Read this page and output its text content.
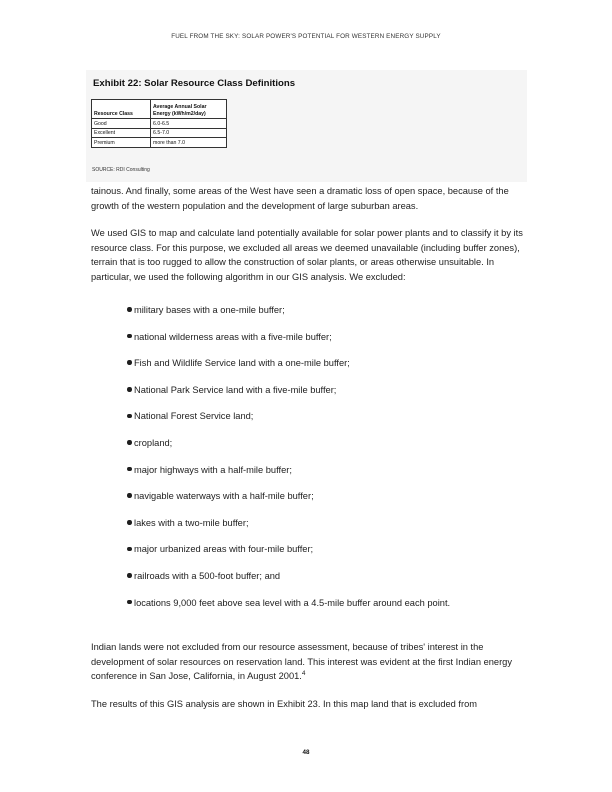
FUEL FROM THE SKY: SOLAR POWER'S POTENTIAL FOR WESTERN ENERGY SUPPLY
Exhibit 22: Solar Resource Class Definitions
Resource Class	Average Annual Solar Energy (kWh/m2/day)
Good	6.0-6.5
Excellent	6.5-7.0
Premium	more than 7.0
SOURCE: RDI Consulting

tainous. And finally, some areas of the West have seen a dramatic loss of open space, because of the growth of the western population and the development of large suburban areas.

We used GIS to map and calculate land potentially available for solar power plants and to classify it by its resource class. For this purpose, we excluded all areas we deemed unavailable (including buffer zones), terrain that is too rugged to allow the construction of solar plants, or areas otherwise unsuitable. In particular, we used the following algorithm in our GIS analysis. We excluded:

military bases with a one-mile buffer;
national wilderness areas with a five-mile buffer;
Fish and Wildlife Service land with a one-mile buffer;
National Park Service land with a five-mile buffer;
National Forest Service land;
cropland;
major highways with a half-mile buffer;
navigable waterways with a half-mile buffer;
lakes with a two-mile buffer;
major urbanized areas with four-mile buffer;
railroads with a 500-foot buffer; and
locations 9,000 feet above sea level with a 4.5-mile buffer around each point.

Indian lands were not excluded from our resource assessment, because of tribes' interest in the development of solar resources on reservation land. This interest was evident at the first Indian energy conference in San Jose, California, in August 2001.$^4$

The results of this GIS analysis are shown in Exhibit 23. In this map land that is excluded from

48
